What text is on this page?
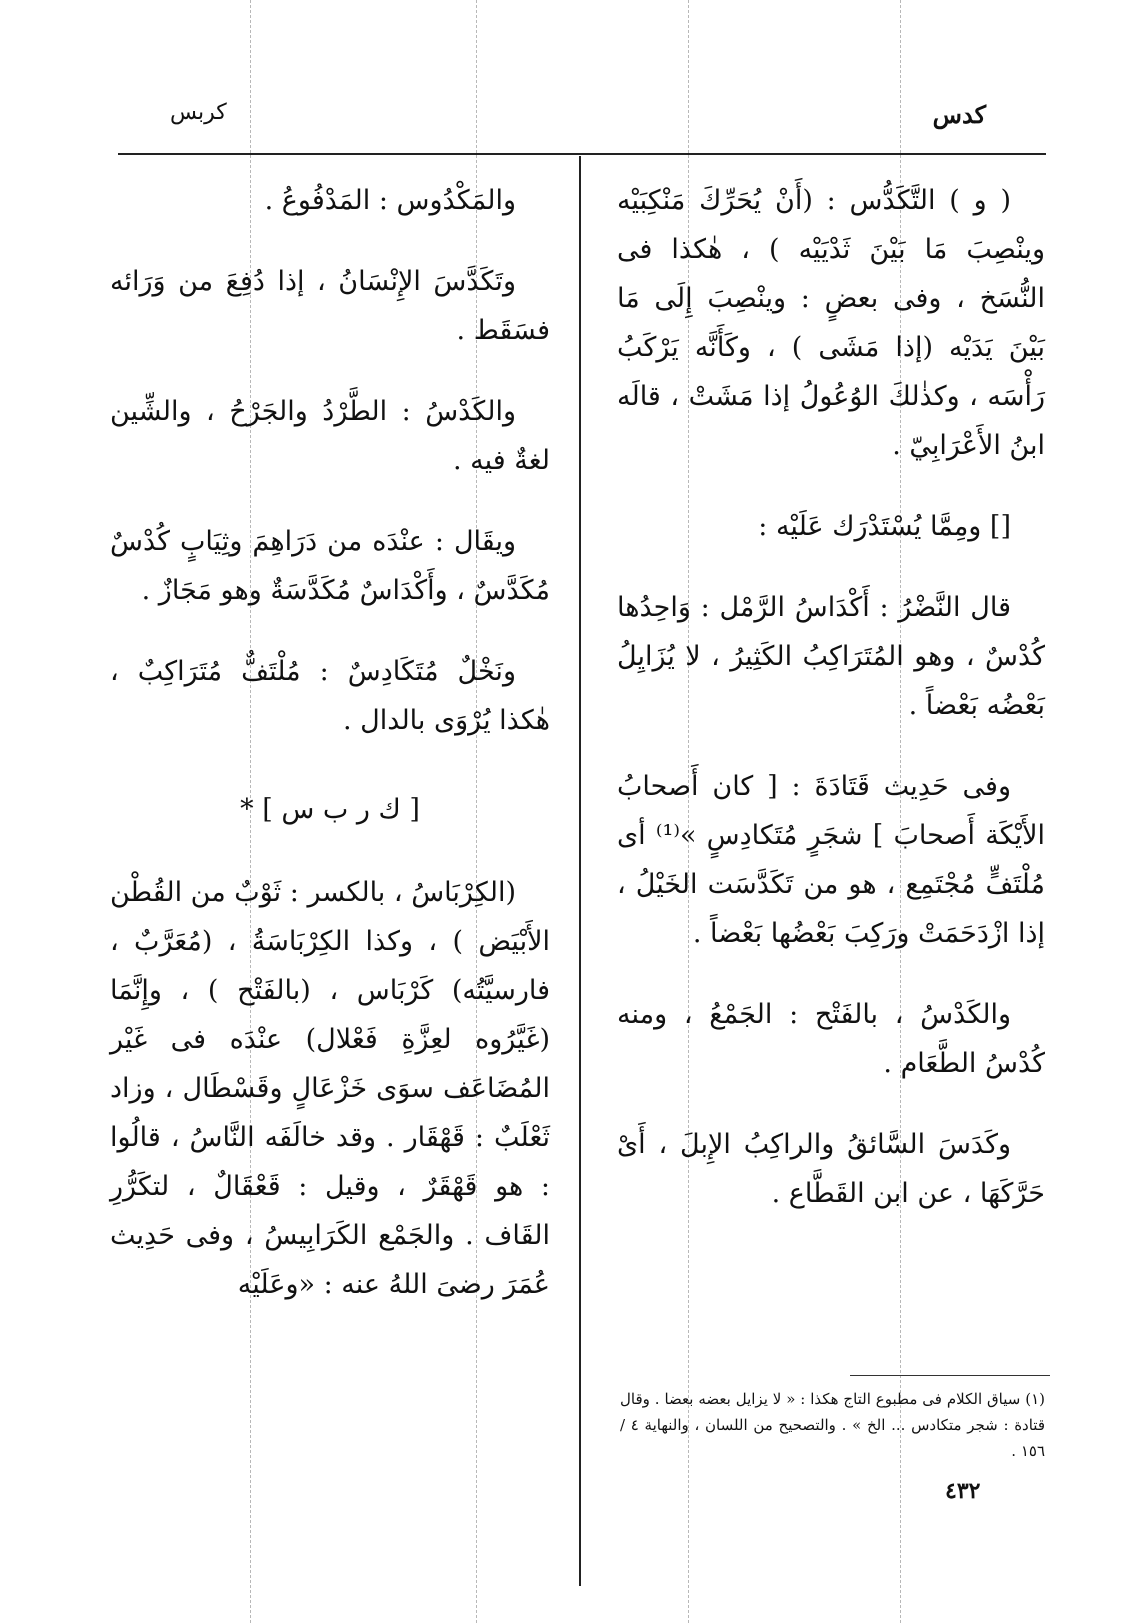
كدس
كربس

( و ) التَّكَدُّس : (أَنْ يُحَرِّكَ مَنْكِبَيْه وينْصِبَ مَا بَيْنَ ثَدْيَيْه ) ، هٰكذا فى النُّسَخ ، وفى بعضٍ : وينْصِبَ إِلَى مَا بَيْنَ يَدَيْه (إذا مَشَى ) ، وكَأَنَّه يَرْكَبُ رَأْسَه ، وكذٰلكَ الوُعُولُ إذا مَشَتْ ، قالَه ابنُ الأَعْرَابِيّ .

[] ومِمَّا يُسْتَدْرَك عَلَيْه :

قال النَّضْرُ : أَكْدَاسُ الرَّمْل : وَاحِدُها كُدْسٌ ، وهو المُتَرَاكِبُ الكَثِيرُ ، لا يُزَايِلُ بَعْضُه بَعْضاً .

وفى حَدِيث قَتَادَةَ : [ كان أَصحابُ الأَيْكَة أَصحابَ ] شجَرٍ مُتَكادِسٍ »⁽¹⁾ أى مُلْتَفٍّ مُجْتَمِع ، هو من تَكَدَّسَت الخَيْلُ ، إذا ازْدَحَمَتْ ورَكِبَ بَعْضُها بَعْضاً .

والكَدْسُ ، بالفَتْح : الجَمْعُ ، ومنه كُدْسُ الطَّعَام .

وكَدَسَ السَّائقُ والراكِبُ الإِبلَ ، أَىْ حَرَّكَهَا ، عن ابن القَطَّاع .

والمَكْدُوس : المَدْفُوعُ .

وتَكَدَّسَ الإِنْسَانُ ، إذا دُفِعَ من وَرَائه فسَقَط .

والكَدْسُ : الطَّرْدُ والجَرْحُ ، والشِّين لغةٌ فيه .

ويقَال : عنْدَه من دَرَاهِمَ وثِيَابٍ كُدْسٌ مُكَدَّسٌ ، وأَكْدَاسٌ مُكَدَّسَةٌ وهو مَجَازٌ .

ونَخْلٌ مُتَكَادِسٌ : مُلْتَفٌّ مُتَرَاكِبٌ ، هٰكذا يُرْوَى بالدال .

[ ك ر ب س ] *

(الكِرْبَاسُ ، بالكسر : ثَوْبٌ من القُطْن الأَبْيَض ) ، وكذا الكِرْبَاسَةُ ، (مُعَرَّبٌ ، فارسيَّتُه) كَرْبَاس ، (بالفَتْح ) ، وإِنَّمَا (غَيَّرُوه لعِزَّةِ فَعْلال) عنْدَه فى غَيْر المُضَاعَف سوَى خَزْعَالٍ وقَسْطَال ، وزاد ثَعْلَبٌ : قَهْقَار . وقد خالَفَه النَّاسُ ، قالُوا : هو قَهْقَرٌ ، وقيل : قَعْقَالٌ ، لتكَرُّرِ القَاف . والجَمْع الكَرَابِيسُ ، وفى حَدِيث عُمَرَ رضىَ اللهُ عنه : «وعَلَيْه

(١) سياق الكلام فى مطبوع التاج هكذا : « لا يزايل بعضه بعضا . وقال قتادة : شجر متكادس ... الخ » . والتصحيح من اللسان ، والنهاية ٤ / ١٥٦ .
٤٣٢
